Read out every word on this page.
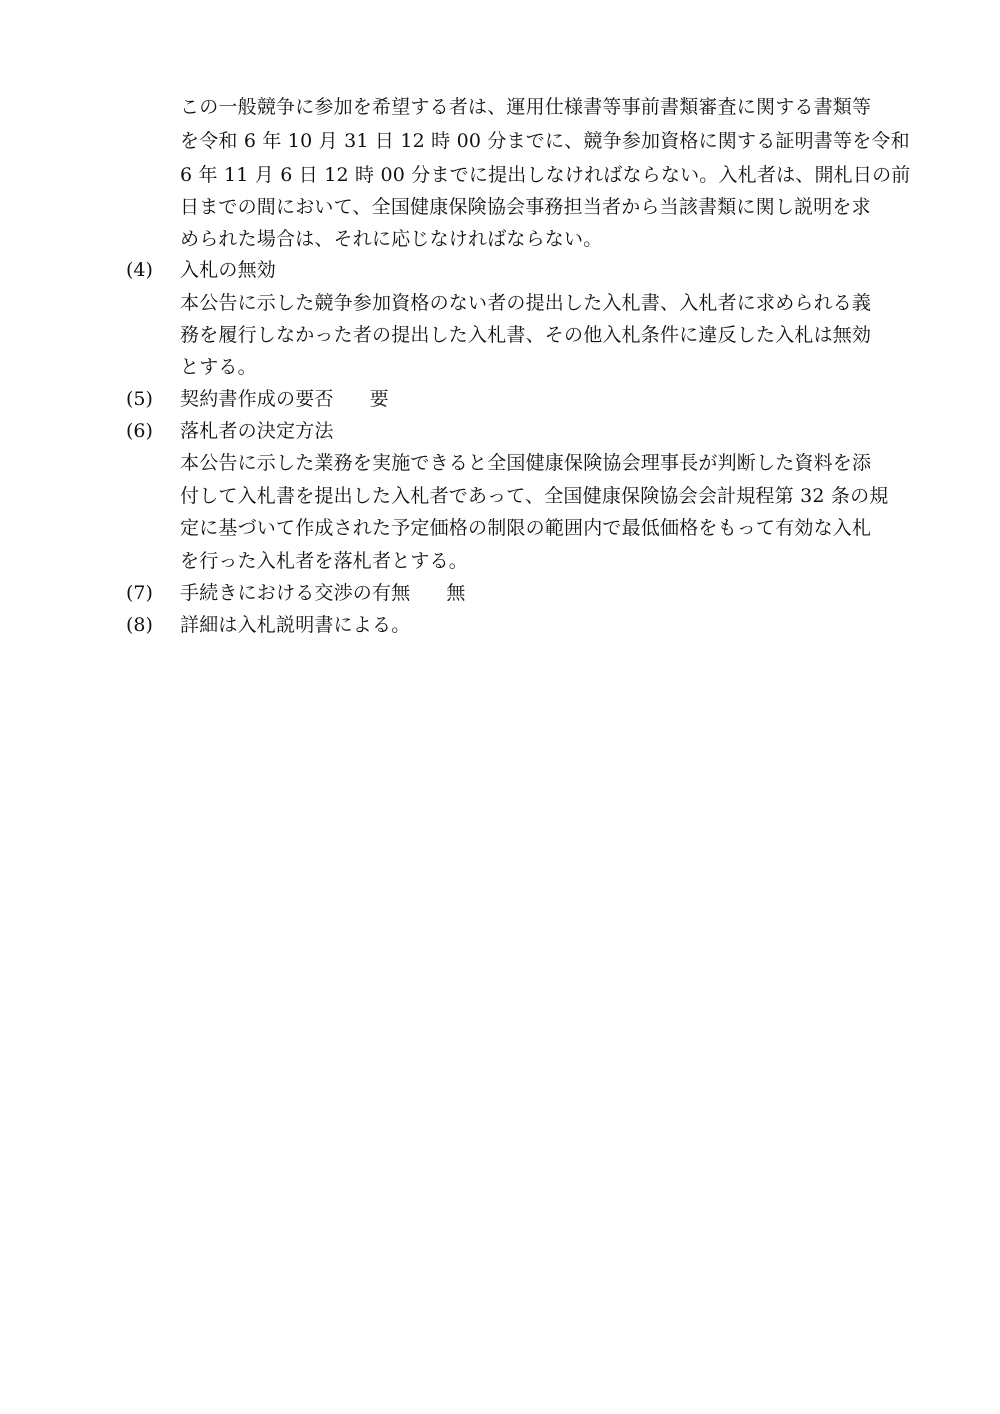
この一般競争に参加を希望する者は、運用仕様書等事前書類審査に関する書類等
を令和 6 年 10 月 31 日 12 時 00 分までに、競争参加資格に関する証明書等を令和
6 年 11 月 6 日 12 時 00 分までに提出しなければならない。入札者は、開札日の前
日までの間において、全国健康保険協会事務担当者から当該書類に関し説明を求
められた場合は、それに応じなければならない。
(4) 入札の無効
本公告に示した競争参加資格のない者の提出した入札書、入札者に求められる義
務を履行しなかった者の提出した入札書、その他入札条件に違反した入札は無効
とする。
(5) 契約書作成の要否 要
(6) 落札者の決定方法
本公告に示した業務を実施できると全国健康保険協会理事長が判断した資料を添
付して入札書を提出した入札者であって、全国健康保険協会会計規程第 32 条の規
定に基づいて作成された予定価格の制限の範囲内で最低価格をもって有効な入札
を行った入札者を落札者とする。
(7) 手続きにおける交渉の有無 無
(8) 詳細は入札説明書による。
